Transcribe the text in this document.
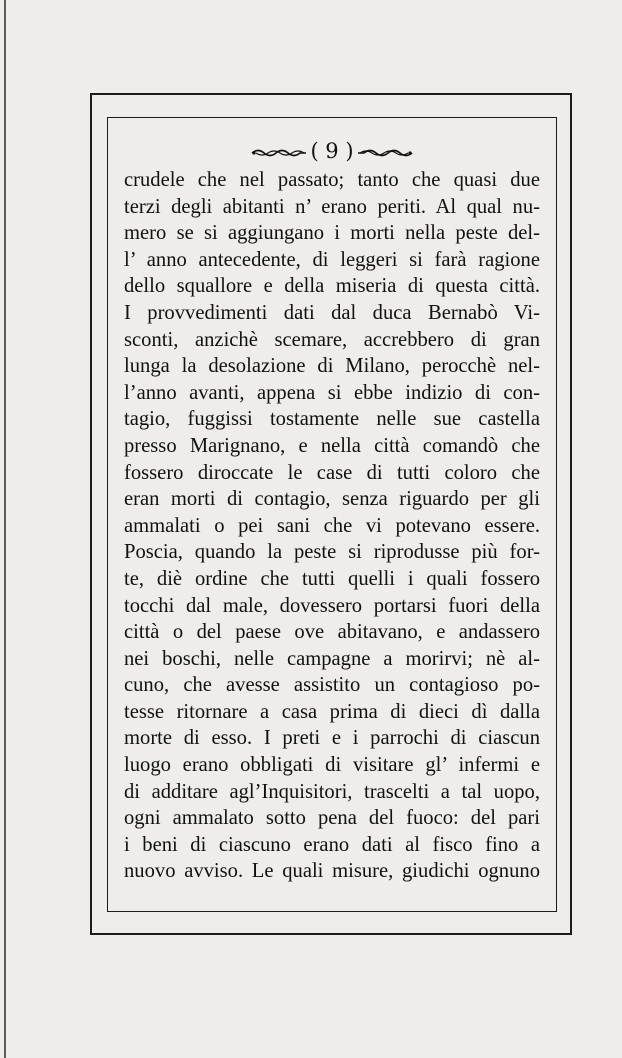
( 9 )
crudele che nel passato; tanto che quasi due
terzi degli abitanti n’ erano periti. Al qual nu-
mero se si aggiungano i morti nella peste del-
l’ anno antecedente, di leggeri si farà ragione
dello squallore e della miseria di questa città.
I provvedimenti dati dal duca Bernabò Vi-
sconti, anzichè scemare, accrebbero di gran
lunga la desolazione di Milano, perocchè nel-
l’anno avanti, appena si ebbe indizio di con-
tagio, fuggissi tostamente nelle sue castella
presso Marignano, e nella città comandò che
fossero diroccate le case di tutti coloro che
eran morti di contagio, senza riguardo per gli
ammalati o pei sani che vi potevano essere.
Poscia, quando la peste si riprodusse più for-
te, diè ordine che tutti quelli i quali fossero
tocchi dal male, dovessero portarsi fuori della
città o del paese ove abitavano, e andassero
nei boschi, nelle campagne a morirvi; nè al-
cuno, che avesse assistito un contagioso po-
tesse ritornare a casa prima di dieci dì dalla
morte di esso. I preti e i parrochi di ciascun
luogo erano obbligati di visitare gl’ infermi e
di additare agl’Inquisitori, trascelti a tal uopo,
ogni ammalato sotto pena del fuoco: del pari
i beni di ciascuno erano dati al fisco fino a
nuovo avviso. Le quali misure, giudichi ognuno
